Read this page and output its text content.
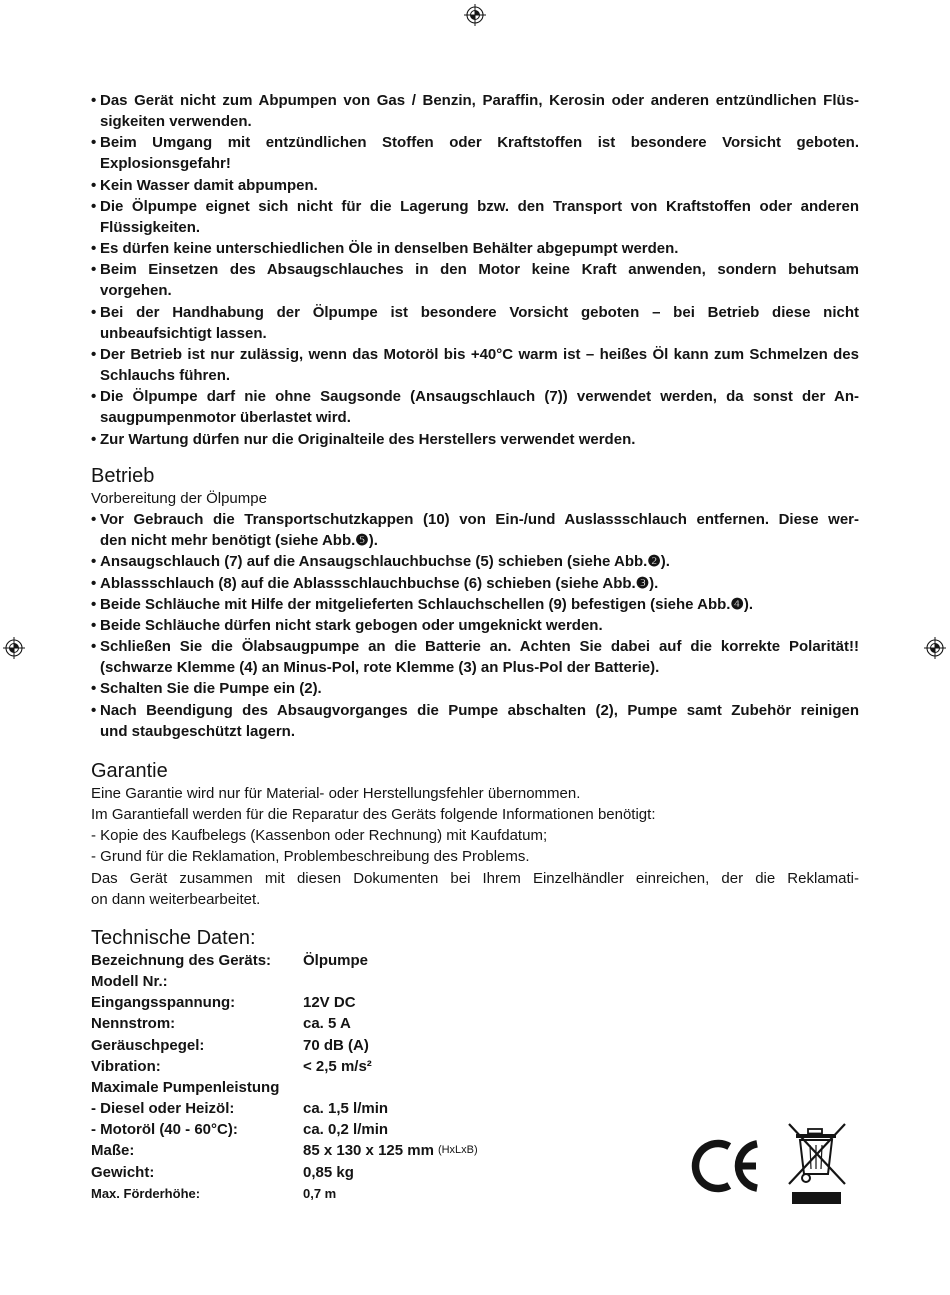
• Das Gerät nicht zum Abpumpen von Gas / Benzin, Paraffin, Kerosin oder anderen entzündlichen Flüs-
sigkeiten verwenden.
• Beim Umgang mit entzündlichen Stoffen oder Kraftstoffen ist besondere Vorsicht geboten.
Explosionsgefahr!
• Kein Wasser damit abpumpen.
• Die Ölpumpe eignet sich nicht für die Lagerung bzw. den Transport von Kraftstoffen oder anderen
Flüssigkeiten.
• Es dürfen keine unterschiedlichen Öle in denselben Behälter abgepumpt werden.
• Beim Einsetzen des Absaugschlauches in den Motor keine Kraft anwenden, sondern behutsam
vorgehen.
• Bei der Handhabung der Ölpumpe ist besondere Vorsicht geboten – bei Betrieb diese nicht
unbeaufsichtigt lassen.
• Der Betrieb ist nur zulässig, wenn das Motoröl bis +40°C warm ist – heißes Öl kann zum Schmelzen des
Schlauchs führen.
• Die Ölpumpe darf nie ohne Saugsonde (Ansaugschlauch (7)) verwendet werden, da sonst der An-
saugpumpenmotor überlastet wird.
• Zur Wartung dürfen nur die Originalteile des Herstellers verwendet werden.
Betrieb
Vorbereitung der Ölpumpe
• Vor Gebrauch die Transportschutzkappen (10) von Ein-/und Auslassschlauch entfernen. Diese wer-
den nicht mehr benötigt (siehe Abb.❺).
• Ansaugschlauch (7) auf die Ansaugschlauchbuchse (5) schieben (siehe Abb.❷).
• Ablassschlauch (8) auf die Ablassschlauchbuchse (6) schieben (siehe Abb.❸).
• Beide Schläuche mit Hilfe der mitgelieferten Schlauchschellen (9) befestigen (siehe Abb.❹).
• Beide Schläuche dürfen nicht stark gebogen oder umgeknickt werden.
• Schließen Sie die Ölabsaugpumpe an die Batterie an. Achten Sie dabei auf die korrekte Polarität!!
(schwarze Klemme (4) an Minus-Pol, rote Klemme (3) an Plus-Pol der Batterie).
• Schalten Sie die Pumpe ein (2).
• Nach Beendigung des Absaugvorganges die Pumpe abschalten (2), Pumpe samt Zubehör reinigen
und staubgeschützt lagern.
Garantie
Eine Garantie wird nur für Material- oder Herstellungsfehler übernommen.
Im Garantiefall werden für die Reparatur des Geräts folgende Informationen benötigt:
- Kopie des Kaufbelegs (Kassenbon oder Rechnung) mit Kaufdatum;
- Grund für die Reklamation, Problembeschreibung des Problems.
Das Gerät zusammen mit diesen Dokumenten bei Ihrem Einzelhändler einreichen, der die Reklamati-
on dann weiterbearbeitet.
Technische Daten:
Bezeichnung des Geräts:	Ölpumpe
Modell Nr.:
Eingangsspannung:	12V DC
Nennstrom:	ca. 5 A
Geräuschpegel:	70 dB (A)
Vibration:	< 2,5 m/s²
Maximale Pumpenleistung
- Diesel oder Heizöl:	ca. 1,5 l/min
- Motoröl (40 - 60°C):	ca. 0,2 l/min
Maße:	85 x 130 x 125 mm (HxLxB)
Gewicht:	0,85 kg
Max. Förderhöhe:	0,7 m
